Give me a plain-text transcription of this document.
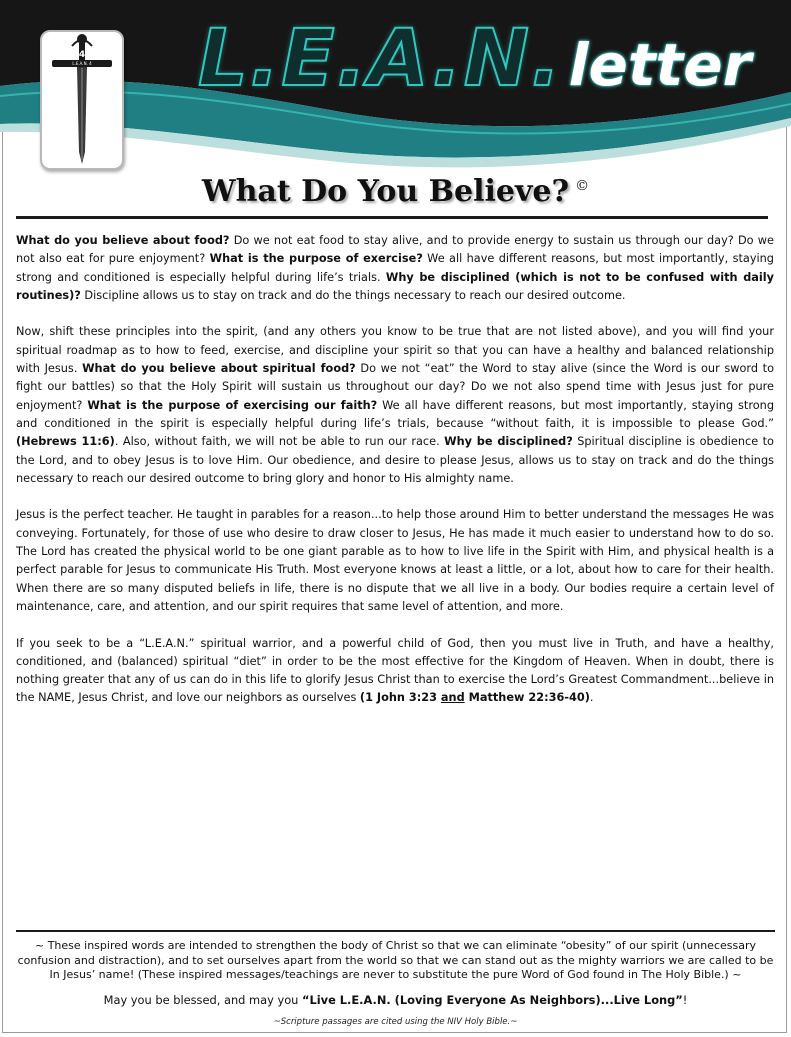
4
L.E.A.N. 4 L.E.A.N. letter
What Do You Believe? ©

What do you believe about food? Do we not eat food to stay alive, and to provide energy to sustain us through our day? Do we not also eat for pure enjoyment? What is the purpose of exercise? We all have different reasons, but most importantly, staying strong and conditioned is especially helpful during life’s trials. Why be disciplined (which is not to be confused with daily routines)? Discipline allows us to stay on track and do the things necessary to reach our desired outcome.

Now, shift these principles into the spirit, (and any others you know to be true that are not listed above), and you will find your spiritual roadmap as to how to feed, exercise, and discipline your spirit so that you can have a healthy and balanced relationship with Jesus. What do you believe about spiritual food? Do we not “eat” the Word to stay alive (since the Word is our sword to fight our battles) so that the Holy Spirit will sustain us throughout our day? Do we not also spend time with Jesus just for pure enjoyment? What is the purpose of exercising our faith? We all have different reasons, but most importantly, staying strong and conditioned in the spirit is especially helpful during life’s trials, because “without faith, it is impossible to please God.” (Hebrews 11:6). Also, without faith, we will not be able to run our race. Why be disciplined? Spiritual discipline is obedience to the Lord, and to obey Jesus is to love Him. Our obedience, and desire to please Jesus, allows us to stay on track and do the things necessary to reach our desired outcome to bring glory and honor to His almighty name.

Jesus is the perfect teacher. He taught in parables for a reason...to help those around Him to better understand the messages He was conveying. Fortunately, for those of use who desire to draw closer to Jesus, He has made it much easier to understand how to do so. The Lord has created the physical world to be one giant parable as to how to live life in the Spirit with Him, and physical health is a perfect parable for Jesus to communicate His Truth. Most everyone knows at least a little, or a lot, about how to care for their health. When there are so many disputed beliefs in life, there is no dispute that we all live in a body. Our bodies require a certain level of maintenance, care, and attention, and our spirit requires that same level of attention, and more.

If you seek to be a “L.E.A.N.” spiritual warrior, and a powerful child of God, then you must live in Truth, and have a healthy, conditioned, and (balanced) spiritual “diet” in order to be the most effective for the Kingdom of Heaven. When in doubt, there is nothing greater that any of us can do in this life to glorify Jesus Christ than to exercise the Lord’s Greatest Commandment...believe in the NAME, Jesus Christ, and love our neighbors as ourselves (1 John 3:23 and Matthew 22:36-40).

~ These inspired words are intended to strengthen the body of Christ so that we can eliminate “obesity” of our spirit (unnecessary confusion and distraction), and to set ourselves apart from the world so that we can stand out as the mighty warriors we are called to be In Jesus’ name! (These inspired messages/teachings are never to substitute the pure Word of God found in The Holy Bible.) ~
May you be blessed, and may you “Live L.E.A.N. (Loving Everyone As Neighbors)...Live Long”!
~Scripture passages are cited using the NIV Holy Bible.~
